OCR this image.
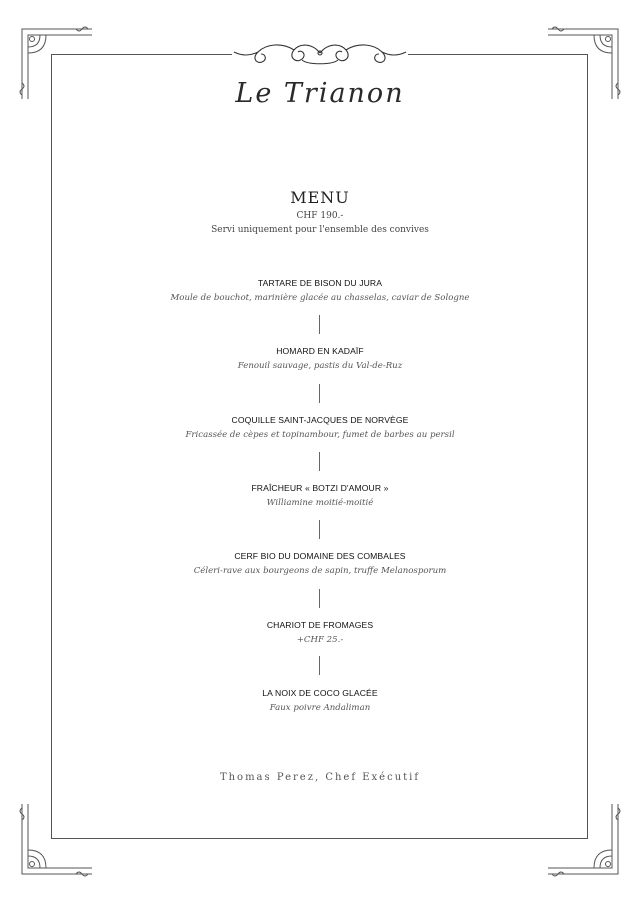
Le Trianon
MENU
CHF 190.-
Servi uniquement pour l'ensemble des convives
TARTARE DE BISON DU JURA
Moule de bouchot, marinière glacée au chasselas, caviar de Sologne
HOMARD EN KADAÏF
Fenouil sauvage, pastis du Val-de-Ruz
COQUILLE SAINT-JACQUES DE NORVÈGE
Fricassée de cèpes et topinambour, fumet de barbes au persil
FRAÎCHEUR « BOTZI D'AMOUR »
Williamine moitié-moitié
CERF BIO DU DOMAINE DES COMBALES
Céleri-rave aux bourgeons de sapin, truffe Melanosporum
CHARIOT DE FROMAGES
+CHF 25.-
LA NOIX DE COCO GLACÉE
Faux poivre Andaliman
Thomas Perez, Chef Exécutif
